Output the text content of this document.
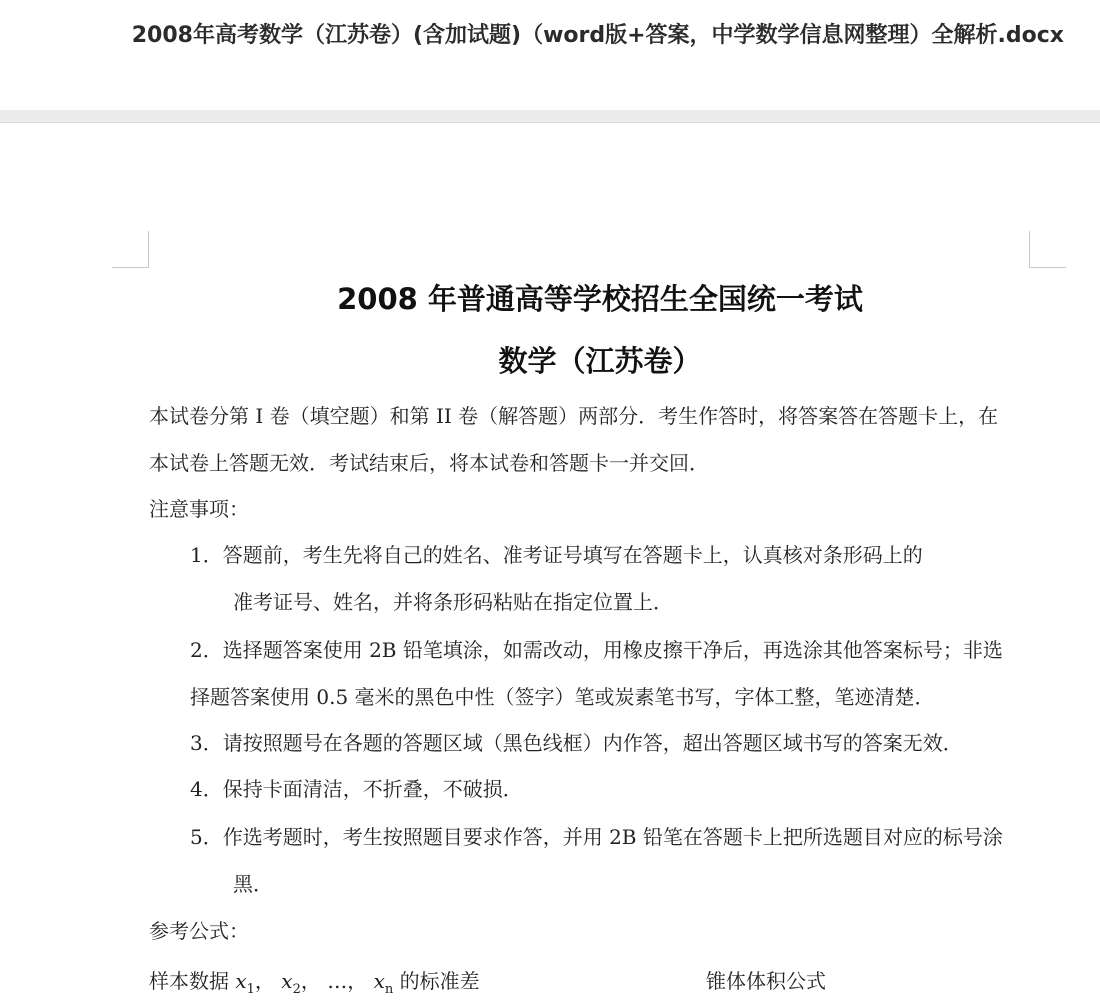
2008年高考数学（江苏卷）(含加试题)（word版+答案，中学数学信息网整理）全解析.docx
2008 年普通高等学校招生全国统一考试
数学（江苏卷）
本试卷分第 I 卷（填空题）和第 II 卷（解答题）两部分．考生作答时，将答案答在答题卡上，在
本试卷上答题无效．考试结束后，将本试卷和答题卡一并交回．
注意事项：
1．答题前，考生先将自己的姓名、准考证号填写在答题卡上，认真核对条形码上的
准考证号、姓名，并将条形码粘贴在指定位置上．
2．选择题答案使用 2B 铅笔填涂，如需改动，用橡皮擦干净后，再选涂其他答案标号；非选
择题答案使用 0.5 毫米的黑色中性（签字）笔或炭素笔书写，字体工整，笔迹清楚．
3．请按照题号在各题的答题区域（黑色线框）内作答，超出答题区域书写的答案无效．
4．保持卡面清洁，不折叠，不破损．
5．作选考题时，考生按照题目要求作答，并用 2B 铅笔在答题卡上把所选题目对应的标号涂
黑．
参考公式：
样本数据 $x_1$， $x_2$， …， $x_n$ 的标准差	锥体体积公式
